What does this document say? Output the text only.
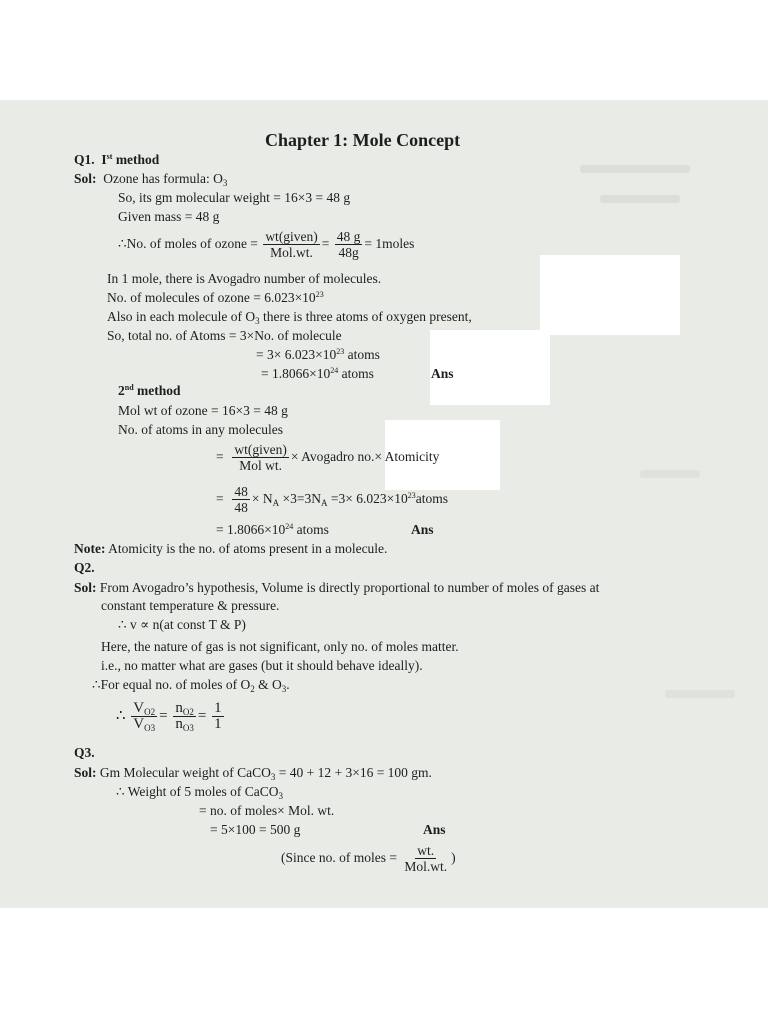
Chapter 1: Mole Concept
Q1. Ist method
Sol: Ozone has formula: $O_3$
So, its gm molecular weight = 16×3 = 48 g
Given mass = 48 g
∴No. of moles of ozone = $\frac{\text{wt(given)}}{\text{Mol.wt.}} = \frac{48 g}{48g}$ = 1moles
In 1 mole, there is Avogadro number of molecules.
No. of molecules of ozone = $6.023\times 10^{23}$
Also in each molecule of $O_3$ there is three atoms of oxygen present,
So, total no. of Atoms = 3×No. of molecule
= $3\times 6.023\times 10^{23}$ atoms
= $1.8066\times 10^{24}$ atoms	Ans
2nd method
Mol wt of ozone = 16×3 = 48 g
No. of atoms in any molecules
= $\frac{\text{wt(given)}}{\text{Mol wt.}}$ × Avogadro no.× Atomicity
= $\frac{48}{48} \times N_A \times 3=3N_A =3\times$ $6.023\times 10^{23}atoms$
= $1.8066\times 10^{24}$ atoms	Ans
Note: Atomicity is the no. of atoms present in a molecule.
Q2.
Sol: From Avogadro’s hypothesis, Volume is directly proportional to number of moles of gases at
constant temperature & pressure.
∴ v ∝ n(at const T & P)
Here, the nature of gas is not significant, only no. of moles matter.
i.e., no matter what are gases (but it should behave ideally).
∴For equal no. of moles of $O_2$ & $O_3$.
∴ $\frac{V_{O2}}{V_{O3}} = \frac{n_{O2}}{n_{O3}} = \frac{1}{1}$
Q3.
Sol: Gm Molecular weight of CaCO$_3$ = 40 + 12 + 3×16 = 100 gm.
∴ Weight of 5 moles of CaCO$_3$
= no. of moles× Mol. wt.
= 5×100 = 500 g	Ans
(Since no. of moles = $\frac{wt.}{\text{Mol.wt.}}$ )
